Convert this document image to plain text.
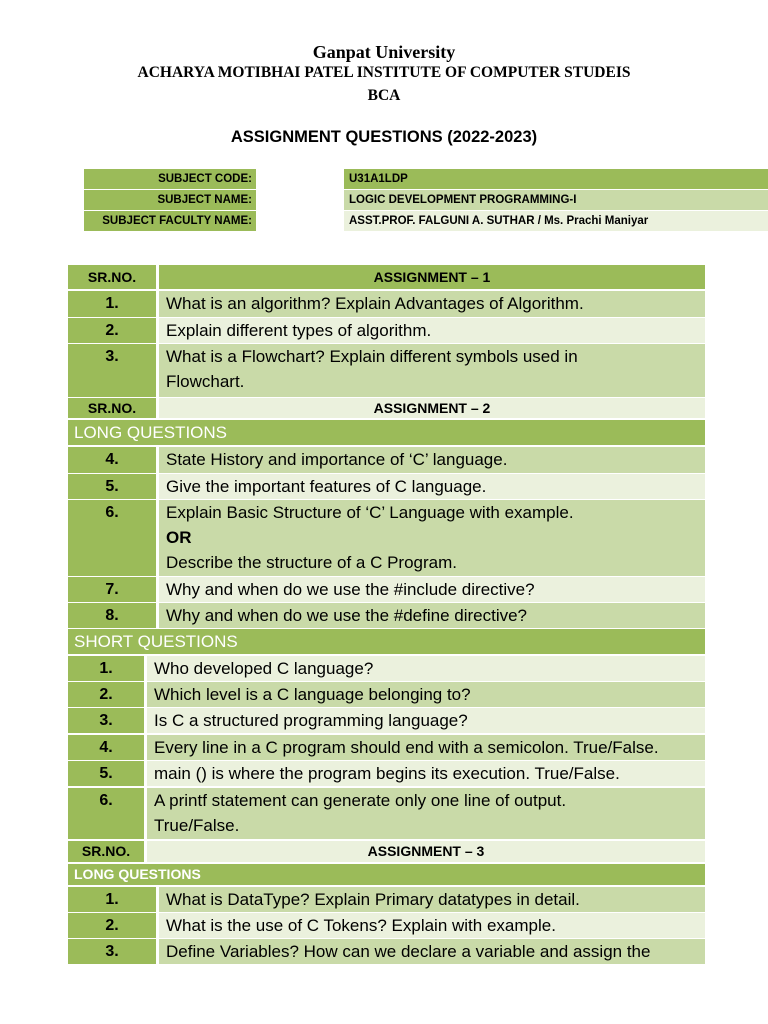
Ganpat University
ACHARYA MOTIBHAI PATEL INSTITUTE OF COMPUTER STUDEIS
BCA
ASSIGNMENT QUESTIONS (2022-2023)
SUBJECT CODE:	U31A1LDP
SUBJECT NAME:	LOGIC DEVELOPMENT PROGRAMMING-I
SUBJECT FACULTY NAME:	ASST.PROF. FALGUNI A. SUTHAR / Ms. Prachi Maniyar
SR.NO.	ASSIGNMENT – 1
1.	What is an algorithm? Explain Advantages of Algorithm.
2.	Explain different types of algorithm.
3.	What is a Flowchart? Explain different symbols used in
Flowchart.
SR.NO.	ASSIGNMENT – 2
LONG QUESTIONS
4.	State History and importance of ‘C’ language.
5.	Give the important features of C language.
6.	Explain Basic Structure of ‘C’ Language with example.
OR
Describe the structure of a C Program.
7.	Why and when do we use the #include directive?
8.	Why and when do we use the #define directive?
SHORT QUESTIONS
1.	Who developed C language?
2.	Which level is a C language belonging to?
3.	Is C a structured programming language?
4.	Every line in a C program should end with a semicolon. True/False.
5.	main () is where the program begins its execution. True/False.
6.	A printf statement can generate only one line of output.
True/False.
SR.NO.	ASSIGNMENT – 3
LONG QUESTIONS
1.	What is DataType? Explain Primary datatypes in detail.
2.	What is the use of C Tokens? Explain with example.
3.	Define Variables? How can we declare a variable and assign the
